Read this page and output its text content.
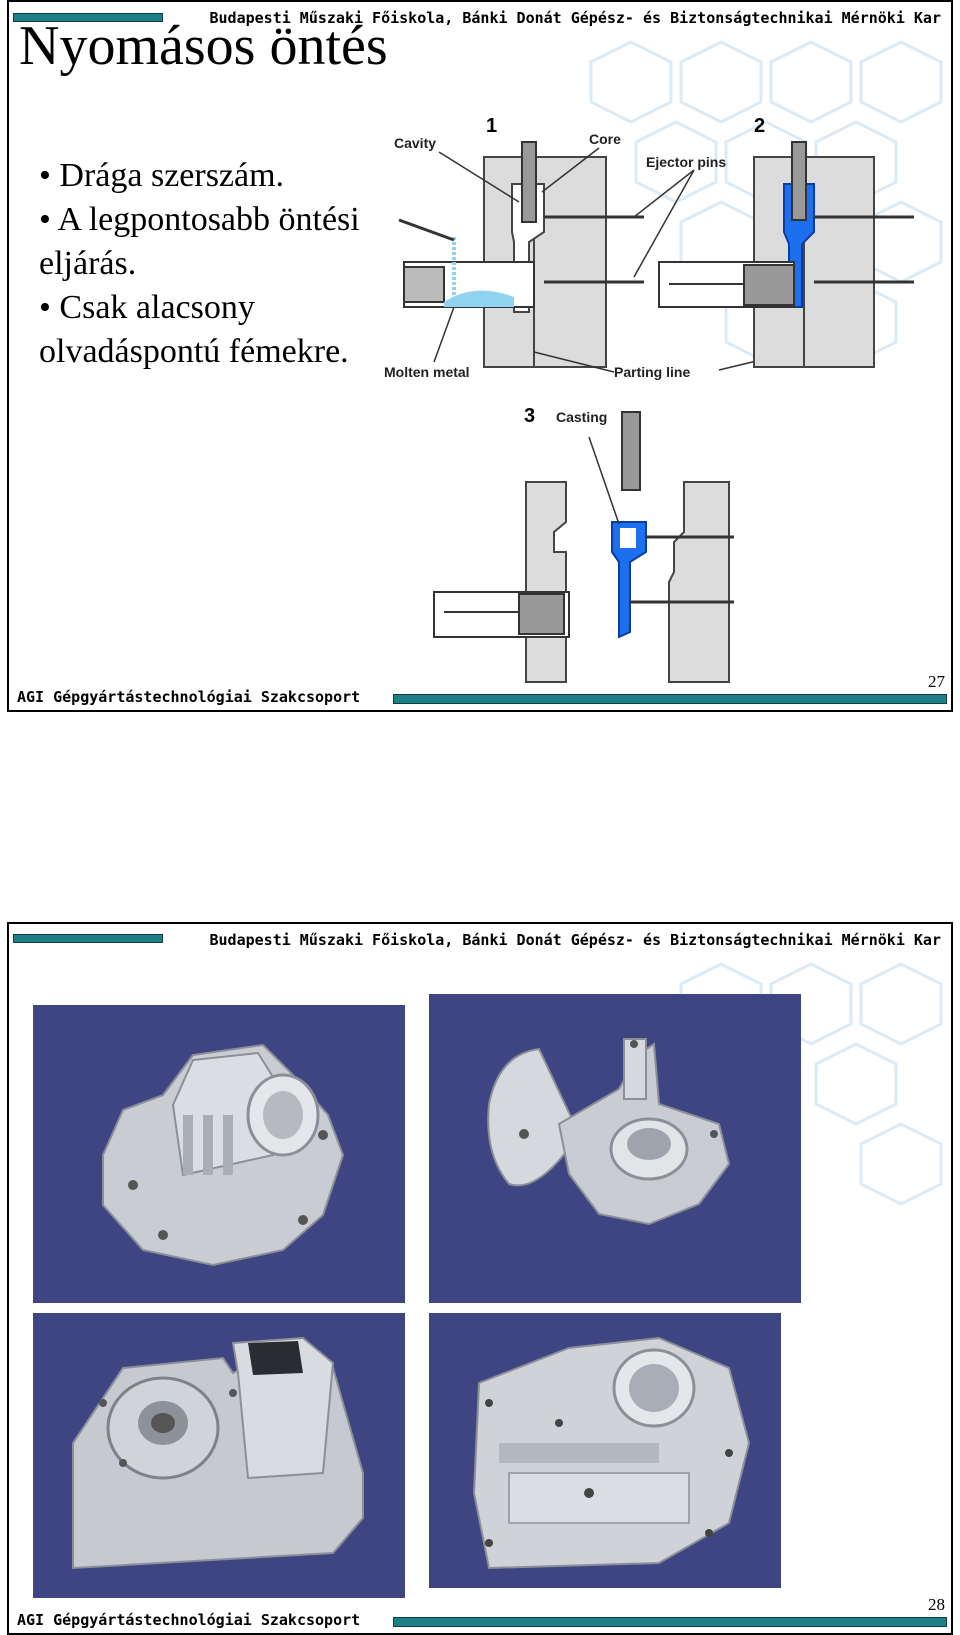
Budapesti Műszaki Főiskola, Bánki Donát Gépész- és Biztonságtechnikai Mérnöki Kar
Nyomásos öntés
• Drága szerszám.
• A legpontosabb öntési eljárás.
• Csak alacsony olvadáspontú fémekre.
1
Cavity	Core
Ejector pins
Molten metal	Parting line
2
3 Casting
AGI Gépgyártástechnológiai Szakcsoport
27
Budapesti Műszaki Főiskola, Bánki Donát Gépész- és Biztonságtechnikai Mérnöki Kar
AGI Gépgyártástechnológiai Szakcsoport
28
